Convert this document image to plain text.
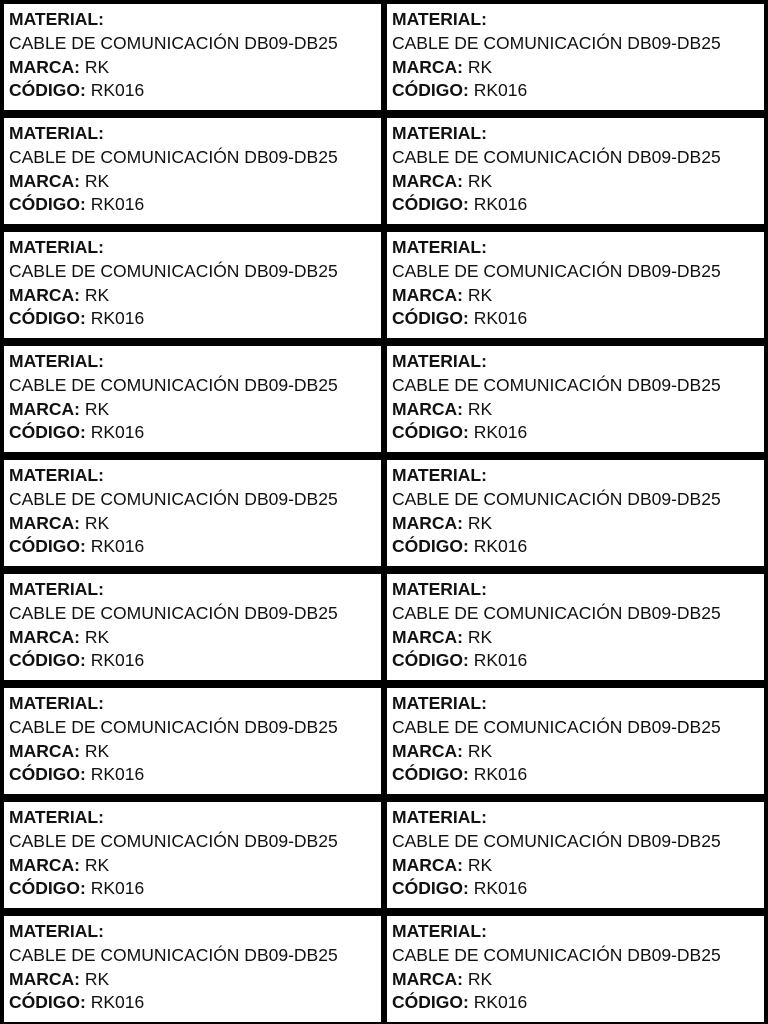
MATERIAL:
CABLE DE COMUNICACIÓN DB09-DB25
MARCA: RK
CÓDIGO: RK016
MATERIAL:
CABLE DE COMUNICACIÓN DB09-DB25
MARCA: RK
CÓDIGO: RK016
MATERIAL:
CABLE DE COMUNICACIÓN DB09-DB25
MARCA: RK
CÓDIGO: RK016
MATERIAL:
CABLE DE COMUNICACIÓN DB09-DB25
MARCA: RK
CÓDIGO: RK016
MATERIAL:
CABLE DE COMUNICACIÓN DB09-DB25
MARCA: RK
CÓDIGO: RK016
MATERIAL:
CABLE DE COMUNICACIÓN DB09-DB25
MARCA: RK
CÓDIGO: RK016
MATERIAL:
CABLE DE COMUNICACIÓN DB09-DB25
MARCA: RK
CÓDIGO: RK016
MATERIAL:
CABLE DE COMUNICACIÓN DB09-DB25
MARCA: RK
CÓDIGO: RK016
MATERIAL:
CABLE DE COMUNICACIÓN DB09-DB25
MARCA: RK
CÓDIGO: RK016
MATERIAL:
CABLE DE COMUNICACIÓN DB09-DB25
MARCA: RK
CÓDIGO: RK016
MATERIAL:
CABLE DE COMUNICACIÓN DB09-DB25
MARCA: RK
CÓDIGO: RK016
MATERIAL:
CABLE DE COMUNICACIÓN DB09-DB25
MARCA: RK
CÓDIGO: RK016
MATERIAL:
CABLE DE COMUNICACIÓN DB09-DB25
MARCA: RK
CÓDIGO: RK016
MATERIAL:
CABLE DE COMUNICACIÓN DB09-DB25
MARCA: RK
CÓDIGO: RK016
MATERIAL:
CABLE DE COMUNICACIÓN DB09-DB25
MARCA: RK
CÓDIGO: RK016
MATERIAL:
CABLE DE COMUNICACIÓN DB09-DB25
MARCA: RK
CÓDIGO: RK016
MATERIAL:
CABLE DE COMUNICACIÓN DB09-DB25
MARCA: RK
CÓDIGO: RK016
MATERIAL:
CABLE DE COMUNICACIÓN DB09-DB25
MARCA: RK
CÓDIGO: RK016
